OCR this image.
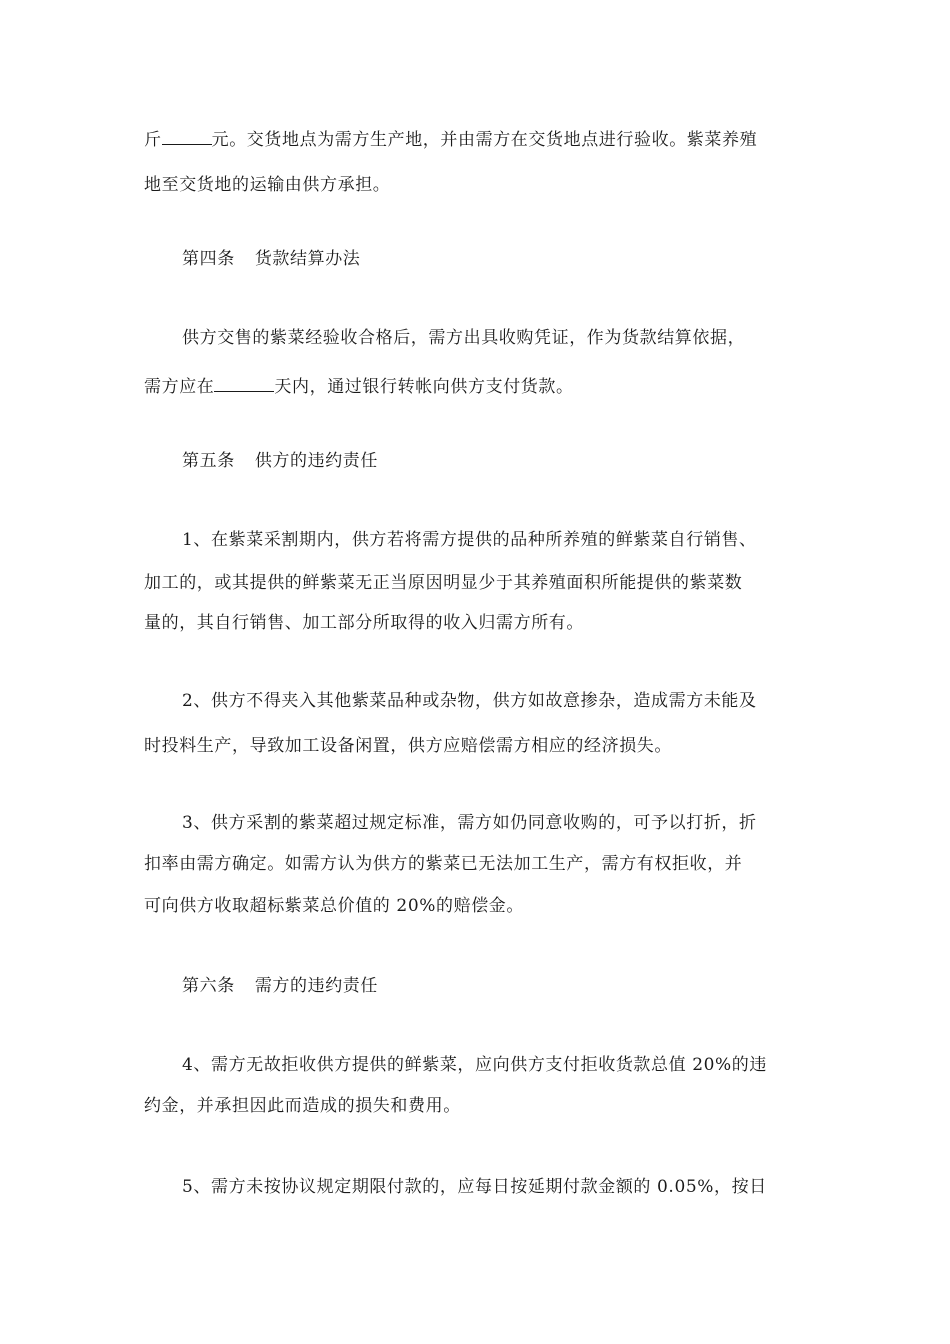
斤	元。交货地点为需方生产地，并由需方在交货地点进行验收。紫菜养殖
地至交货地的运输由供方承担。
第四条 货款结算办法
供方交售的紫菜经验收合格后，需方出具收购凭证，作为货款结算依据，
需方应在	天内，通过银行转帐向供方支付货款。
第五条 供方的违约责任
1、在紫菜采割期内，供方若将需方提供的品种所养殖的鲜紫菜自行销售、
加工的，或其提供的鲜紫菜无正当原因明显少于其养殖面积所能提供的紫菜数
量的，其自行销售、加工部分所取得的收入归需方所有。
2、供方不得夹入其他紫菜品种或杂物，供方如故意掺杂，造成需方未能及
时投料生产，导致加工设备闲置，供方应赔偿需方相应的经济损失。
3、供方采割的紫菜超过规定标准，需方如仍同意收购的，可予以打折，折
扣率由需方确定。如需方认为供方的紫菜已无法加工生产，需方有权拒收，并
可向供方收取超标紫菜总价值的 20%的赔偿金。
第六条 需方的违约责任
4、需方无故拒收供方提供的鲜紫菜，应向供方支付拒收货款总值 20%的违
约金，并承担因此而造成的损失和费用。
5、需方未按协议规定期限付款的，应每日按延期付款金额的 0.05%，按日
